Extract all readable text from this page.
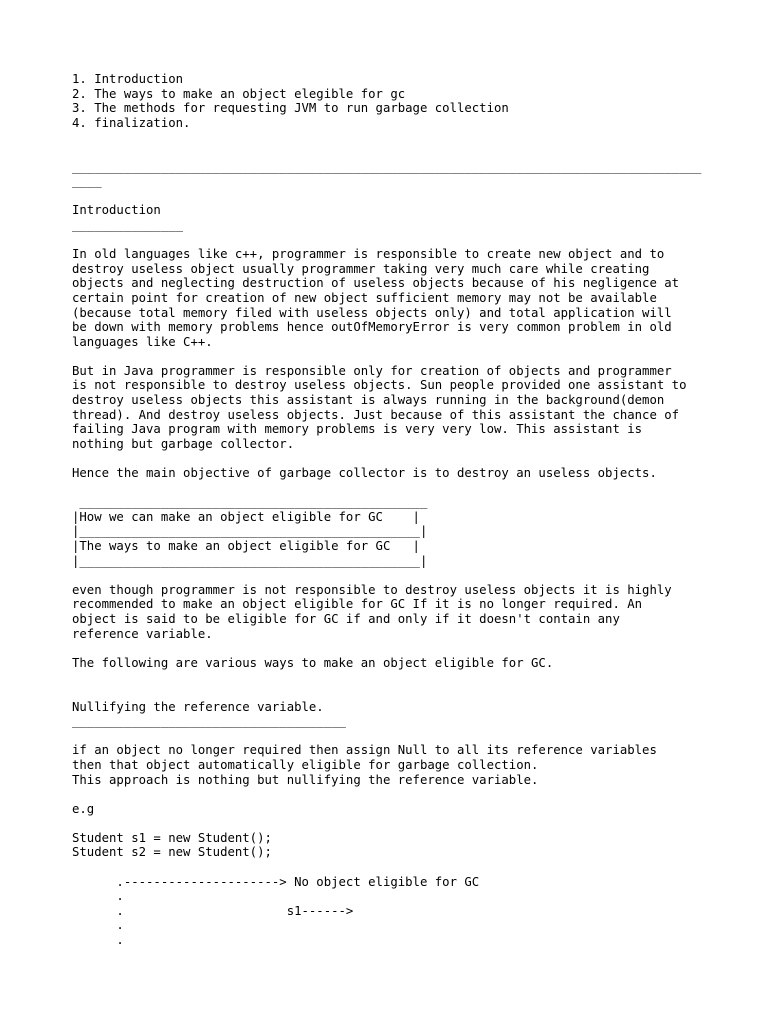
1. Introduction
2. The ways to make an object elegible for gc
3. The methods for requesting JVM to run garbage collection
4. finalization.
_____________________________________________________________________________________
____
Introduction
_______________
In old languages like c++, programmer is responsible to create new object and to
destroy useless object usually programmer taking very much care while creating
objects and neglecting destruction of useless objects because of his negligence at
certain point for creation of new object sufficient memory may not be available
(because total memory filed with useless objects only) and total application will
be down with memory problems hence outOfMemoryError is very common problem in old
languages like C++.
But in Java programmer is responsible only for creation of objects and programmer
is not responsible to destroy useless objects. Sun people provided one assistant to
destroy useless objects this assistant is always running in the background(demon
thread). And destroy useless objects. Just because of this assistant the chance of
failing Java program with memory problems is very very low. This assistant is
nothing but garbage collector.
Hence the main objective of garbage collector is to destroy an useless objects.
_______________________________________________
|How we can make an object eligible for GC    |
|______________________________________________|
|The ways to make an object eligible for GC   |
|______________________________________________|
even though programmer is not responsible to destroy useless objects it is highly
recommended to make an object eligible for GC If it is no longer required. An
object is said to be eligible for GC if and only if it doesn't contain any
reference variable.
The following are various ways to make an object eligible for GC.
Nullifying the reference variable.
_____________________________________
if an object no longer required then assign Null to all its reference variables
then that object automatically eligible for garbage collection.
This approach is nothing but nullifying the reference variable.
e.g
Student s1 = new Student();
Student s2 = new Student();
.---------------------> No object eligible for GC
.
.                      s1------>
.
.
